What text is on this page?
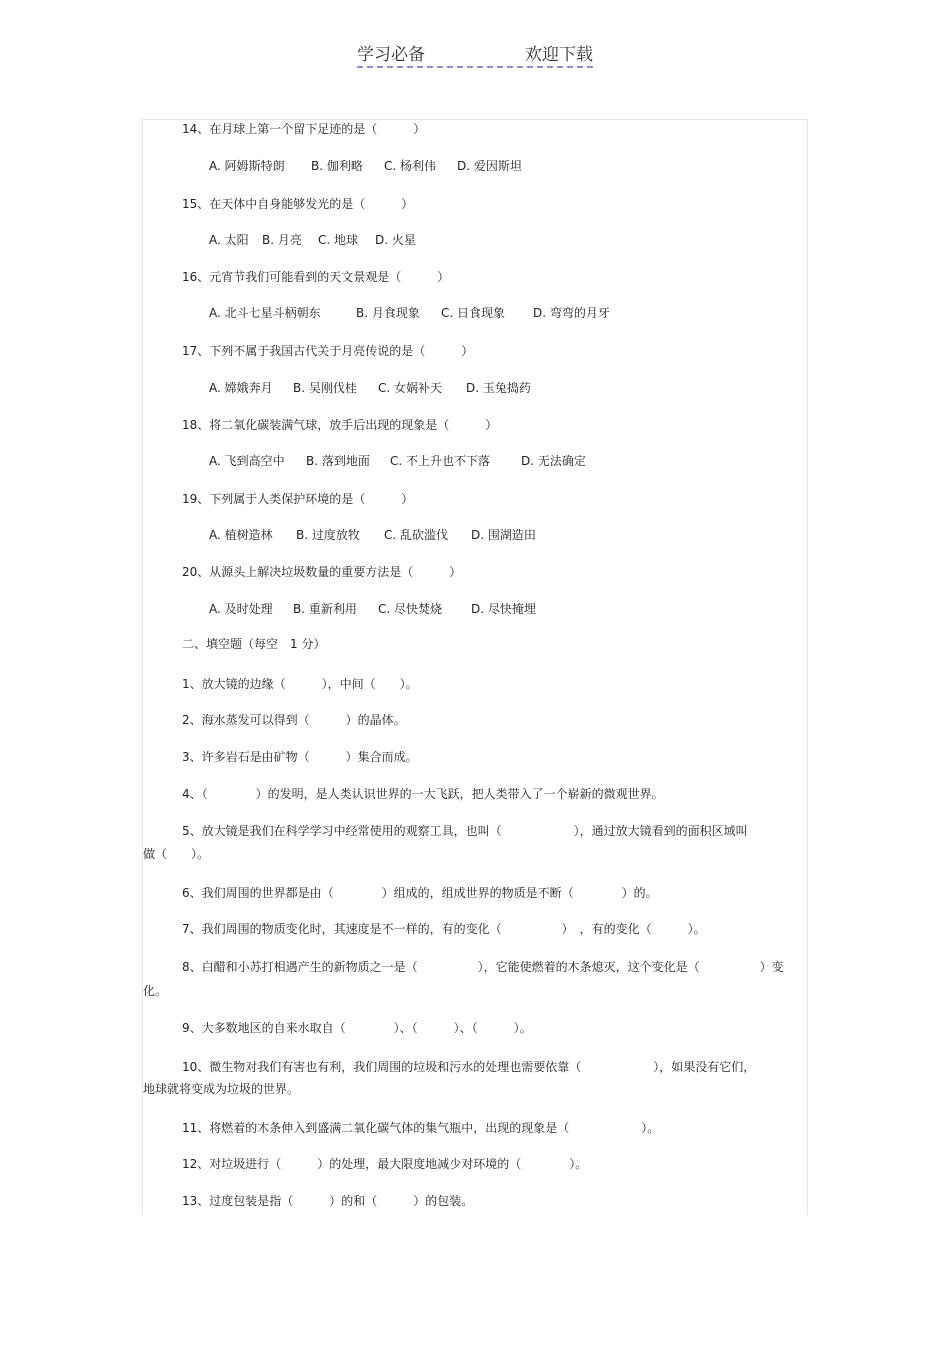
学习必备	欢迎下载
14、在月球上第一个留下足迹的是（　　　）
A. 阿姆斯特朗 B. 伽利略 C. 杨利伟 D. 爱因斯坦
15、在天体中自身能够发光的是（　　　）
A. 太阳 B. 月亮 C. 地球 D. 火星
16、元宵节我们可能看到的天文景观是（　　　）
A. 北斗七星斗柄朝东	B. 月食现象 C. 日食现象 D. 弯弯的月牙
17、下列不属于我国古代关于月亮传说的是（　　　）
A. 嫦娥奔月 B. 吴刚伐桂 C. 女娲补天 D. 玉兔捣药
18、将二氧化碳装满气球，放手后出现的现象是（　　　）
A. 飞到高空中 B. 落到地面 C. 不上升也不下落	D. 无法确定
19、下列属于人类保护环境的是（　　　）
A. 植树造林 B. 过度放牧 C. 乱砍滥伐 D. 围湖造田
20、从源头上解决垃圾数量的重要方法是（　　　）
A. 及时处理 B. 重新利用 C. 尽快焚烧 D. 尽快掩埋
二、填空题（每空　1 分）
1、放大镜的边缘（　　　），中间（　　）。
2、海水蒸发可以得到（　　　）的晶体。
3、许多岩石是由矿物（　　　）集合而成。
4、（　　　　）的发明，是人类认识世界的一大飞跃，把人类带入了一个崭新的微观世界。
5、放大镜是我们在科学学习中经常使用的观察工具，也叫（　　　　　　），通过放大镜看到的面积区域叫
做（　　）。
6、我们周围的世界都是由（　　　　）组成的，组成世界的物质是不断（　　　　）的。
7、我们周围的物质变化时，其速度是不一样的，有的变化（　　　　　）　，有的变化（　　　）。
8、白醋和小苏打相遇产生的新物质之一是（　　　　　），它能使燃着的木条熄灭，这个变化是（　　　　　）变
化。
9、大多数地区的自来水取自（　　　　）、（　　　）、（　　　）。
10、微生物对我们有害也有利，我们周围的垃圾和污水的处理也需要依靠（　　　　　　），如果没有它们，
地球就将变成为垃圾的世界。
11、将燃着的木条伸入到盛满二氧化碳气体的集气瓶中，出现的现象是（　　　　　　）。
12、对垃圾进行（　　　）的处理，最大限度地减少对环境的（　　　　）。
13、过度包装是指（　　　）的和（　　　）的包装。
